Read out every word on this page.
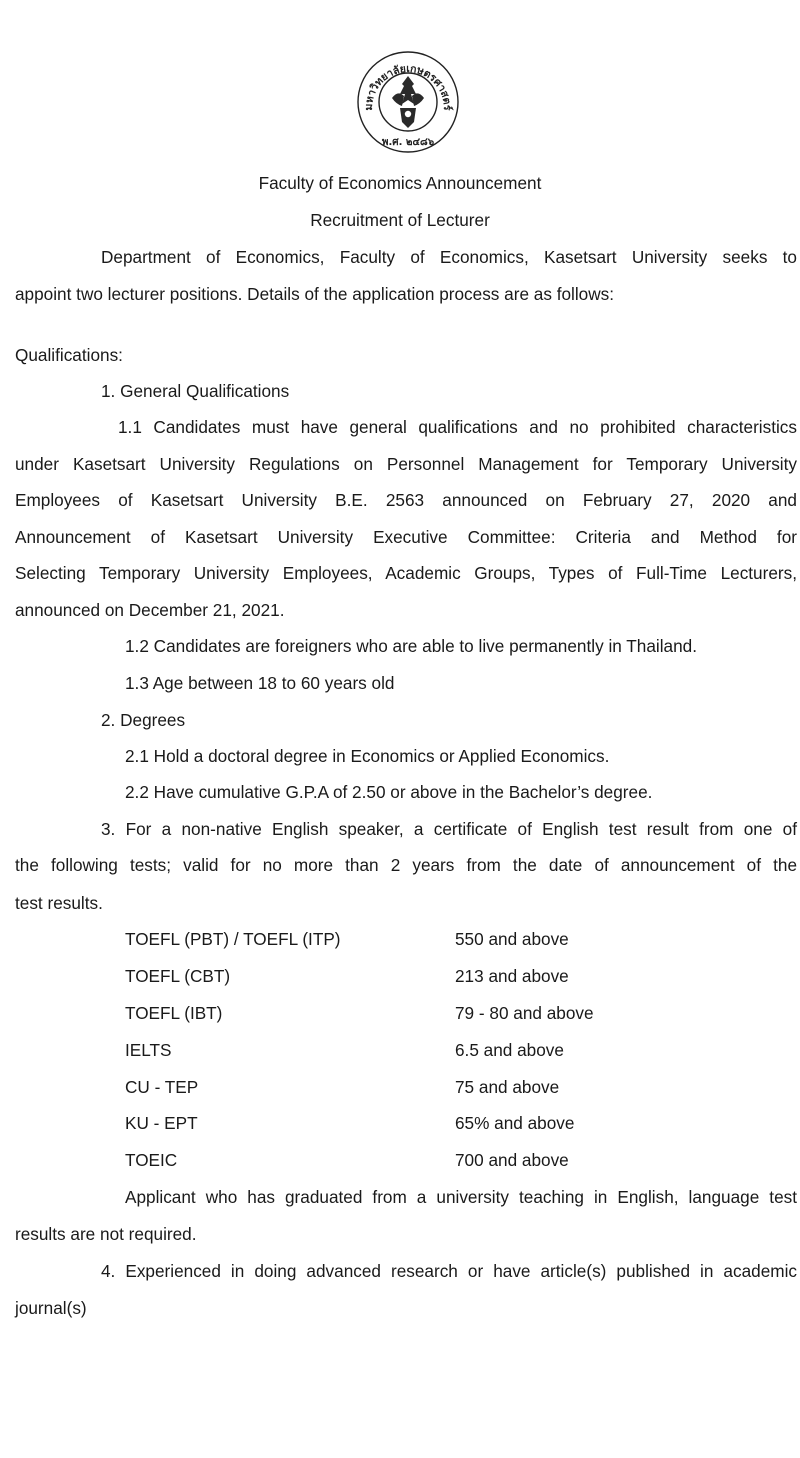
มหาวิทยาลัยเกษตรศาสตร์
พ.ศ. ๒๔๘๖
Faculty of Economics Announcement
Recruitment of Lecturer
Department of Economics, Faculty of Economics, Kasetsart University seeks to
appoint two lecturer positions. Details of the application process are as follows:
Qualifications:
1. General Qualifications
1.1 Candidates must have general qualifications and no prohibited characteristics
under Kasetsart University Regulations on Personnel Management for Temporary University
Employees of Kasetsart University B.E. 2563 announced on February 27, 2020 and
Announcement of Kasetsart University Executive Committee: Criteria and Method for
Selecting Temporary University Employees, Academic Groups, Types of Full-Time Lecturers,
announced on December 21, 2021.
1.2 Candidates are foreigners who are able to live permanently in Thailand.
1.3 Age between 18 to 60 years old
2. Degrees
2.1 Hold a doctoral degree in Economics or Applied Economics.
2.2 Have cumulative G.P.A of 2.50 or above in the Bachelor’s degree.
3. For a non-native English speaker, a certificate of English test result from one of
the following tests; valid for no more than 2 years from the date of announcement of the
test results.
TOEFL (PBT) / TOEFL (ITP)	550 and above
TOEFL (CBT)	213 and above
TOEFL (IBT)	79 - 80 and above
IELTS	6.5 and above
CU - TEP	75 and above
KU - EPT	65% and above
TOEIC	700 and above
Applicant who has graduated from a university teaching in English, language test
results are not required.
4. Experienced in doing advanced research or have article(s) published in academic
journal(s)
